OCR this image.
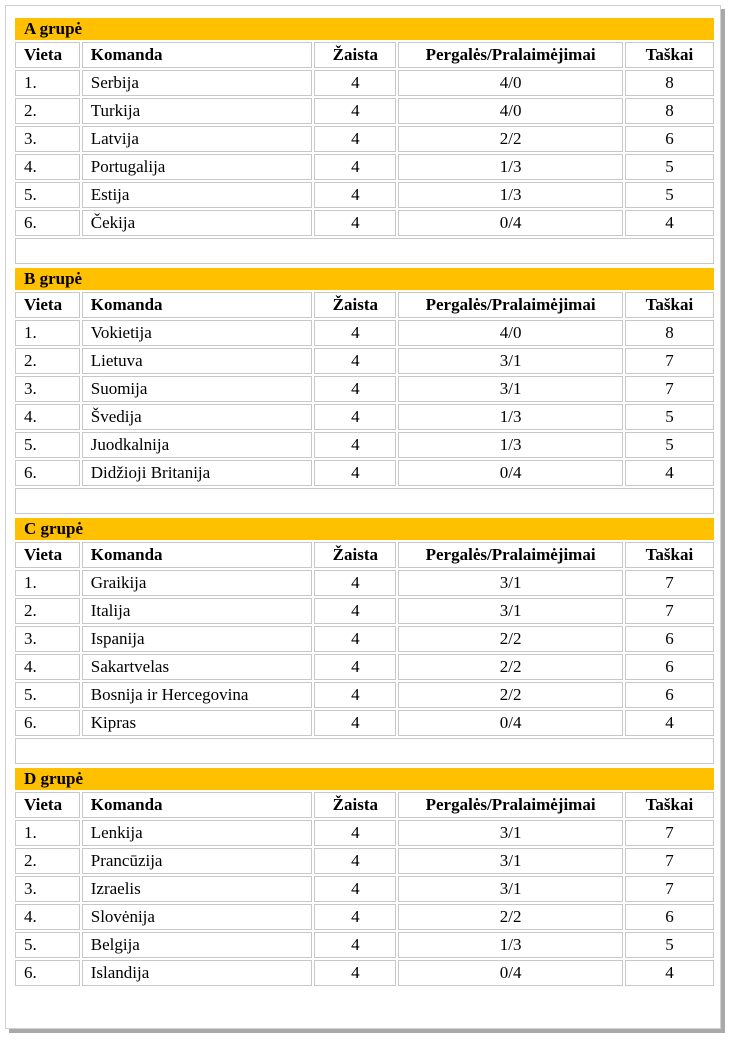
A grupė				
Vieta	Komanda	Žaista	Pergalės/Pralaimėjimai	Taškai
1.	Serbija	4	4/0	8
2.	Turkija	4	4/0	8
3.	Latvija	4	2/2	6
4.	Portugalija	4	1/3	5
5.	Estija	4	1/3	5
6.	Čekija	4	0/4	4

B grupė				
Vieta	Komanda	Žaista	Pergalės/Pralaimėjimai	Taškai
1.	Vokietija	4	4/0	8
2.	Lietuva	4	3/1	7
3.	Suomija	4	3/1	7
4.	Švedija	4	1/3	5
5.	Juodkalnija	4	1/3	5
6.	Didžioji Britanija	4	0/4	4

C grupė				
Vieta	Komanda	Žaista	Pergalės/Pralaimėjimai	Taškai
1.	Graikija	4	3/1	7
2.	Italija	4	3/1	7
3.	Ispanija	4	2/2	6
4.	Sakartvelas	4	2/2	6
5.	Bosnija ir Hercegovina	4	2/2	6
6.	Kipras	4	0/4	4

D grupė				
Vieta	Komanda	Žaista	Pergalės/Pralaimėjimai	Taškai
1.	Lenkija	4	3/1	7
2.	Prancūzija	4	3/1	7
3.	Izraelis	4	3/1	7
4.	Slovėnija	4	2/2	6
5.	Belgija	4	1/3	5
6.	Islandija	4	0/4	4
